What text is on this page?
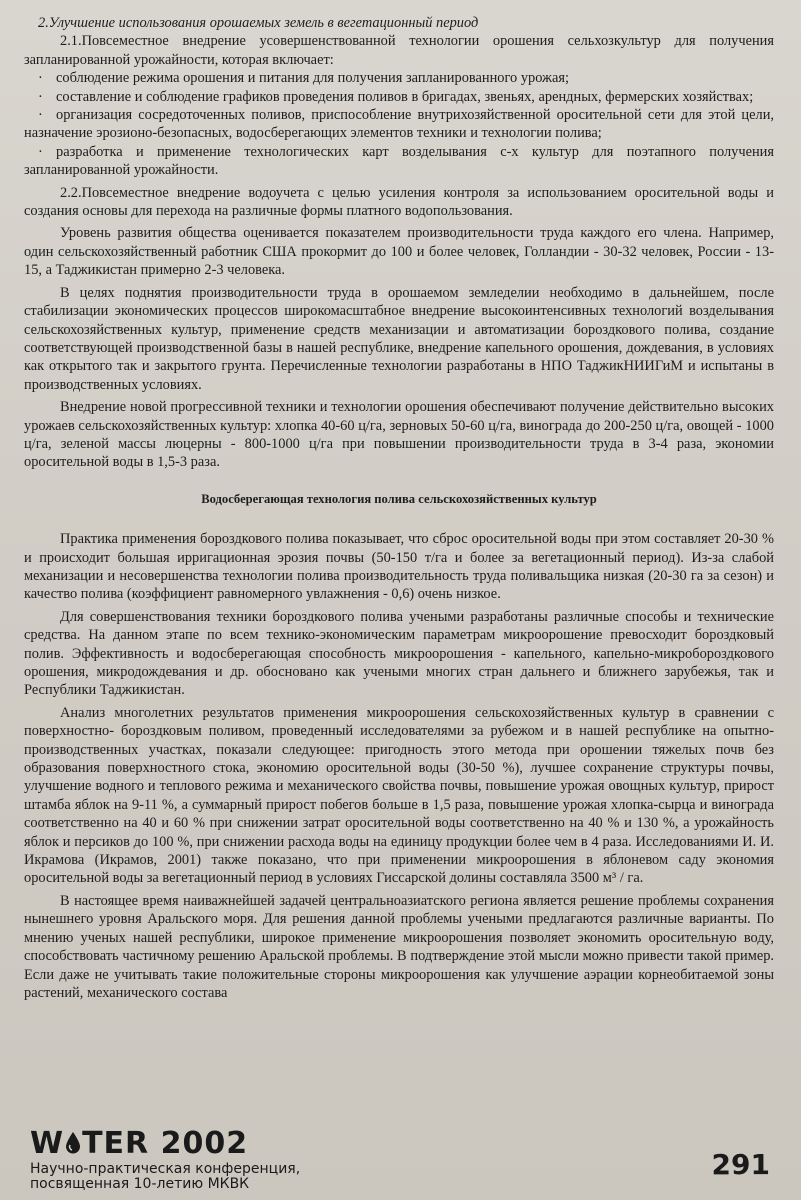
2.Улучшение использования орошаемых земель в вегетационный период

2.1.Повсеместное внедрение усовершенствованной технологии орошения сельхозкультур для получения запланированной урожайности, которая включает:

· соблюдение режима орошения и питания для получения запланированного урожая;

· составление и соблюдение графиков проведения поливов в бригадах, звеньях, арендных, фермерских хозяйствах;

· организация сосредоточенных поливов, приспособление внутрихозяйственной оросительной сети для этой цели, назначение эрозионо-безопасных, водосберегающих элементов техники и технологии полива;

· разработка и применение технологических карт возделывания с-х культур для поэтапного получения запланированной урожайности.

2.2.Повсеместное внедрение водоучета с целью усиления контроля за использованием оросительной воды и создания основы для перехода на различные формы платного водопользования.

Уровень развития общества оценивается показателем производительности труда каждого его члена. Например, один сельскохозяйственный работник США прокормит до 100 и более человек, Голландии - 30-32 человек, России - 13-15, а Таджикистан примерно 2-3 человека.

В целях поднятия производительности труда в орошаемом земледелии необходимо в дальнейшем, после стабилизации экономических процессов широкомасштабное внедрение высокоинтенсивных технологий возделывания сельскохозяйственных культур, применение средств механизации и автоматизации бороздкового полива, создание соответствующей производственной базы в нашей республике, внедрение капельного орошения, дождевания, в условиях как открытого так и закрытого грунта. Перечисленные технологии разработаны в НПО ТаджикНИИГиМ и испытаны в производственных условиях.

Внедрение новой прогрессивной техники и технологии орошения обеспечивают получение действительно высоких урожаев сельскохозяйственных культур: хлопка 40-60 ц/га, зерновых 50-60 ц/га, винограда до 200-250 ц/га, овощей - 1000 ц/га, зеленой массы люцерны - 800-1000 ц/га при повышении производительности труда в 3-4 раза, экономии оросительной воды в 1,5-3 раза.

Водосберегающая технология полива сельскохозяйственных культур

Практика применения бороздкового полива показывает, что сброс оросительной воды при этом составляет 20-30 % и происходит большая ирригационная эрозия почвы (50-150 т/га и более за вегетационный период). Из-за слабой механизации и несовершенства технологии полива производительность труда поливальщика низкая (20-30 га за сезон) и качество полива (коэффициент равномерного увлажнения - 0,6) очень низкое.

Для совершенствования техники бороздкового полива учеными разработаны различные способы и технические средства. На данном этапе по всем технико-экономическим параметрам микроорошение превосходит бороздковый полив. Эффективность и водосберегающая способность микроорошения - капельного, капельно-микробороздкового орошения, микродождевания и др. обосновано как учеными многих стран дальнего и ближнего зарубежья, так и Республики Таджикистан.

Анализ многолетних результатов применения микроорошения сельскохозяйственных культур в сравнении с поверхностно- бороздковым поливом, проведенный исследователями за рубежом и в нашей республике на опытно-производственных участках, показали следующее: пригодность этого метода при орошении тяжелых почв без образования поверхностного стока, экономию оросительной воды (30-50 %), лучшее сохранение структуры почвы, улучшение водного и теплового режима и механического свойства почвы, повышение урожая овощных культур, прирост штамба яблок на 9-11 %, а суммарный прирост побегов больше в 1,5 раза, повышение урожая хлопка-сырца и винограда соответственно на 40 и 60 % при снижении затрат оросительной воды соответственно на 40 % и 130 %, а урожайность яблок и персиков до 100 %, при снижении расхода воды на единицу продукции более чем в 4 раза. Исследованиями И. И. Икрамова (Икрамов, 2001) также показано, что при применении микроорошения в яблоневом саду экономия оросительной воды за вегетационный период в условиях Гиссарской долины составляла 3500 м³ / га.

В настоящее время наиважнейшей задачей центральноазиатского региона является решение проблемы сохранения нынешнего уровня Аральского моря. Для решения данной проблемы учеными предлагаются различные варианты. По мнению ученых нашей республики, широкое применение микроорошения позволяет экономить оросительную воду, способствовать частичному решению Аральской проблемы. В подтверждение этой мысли можно привести такой пример. Если даже не учитывать такие положительные стороны микроорошения как улучшение аэрации корнеобитаемой зоны растений, механического состава

W TER 2002
Научно-практическая конференция,
посвященная 10-летию МКВК
291
